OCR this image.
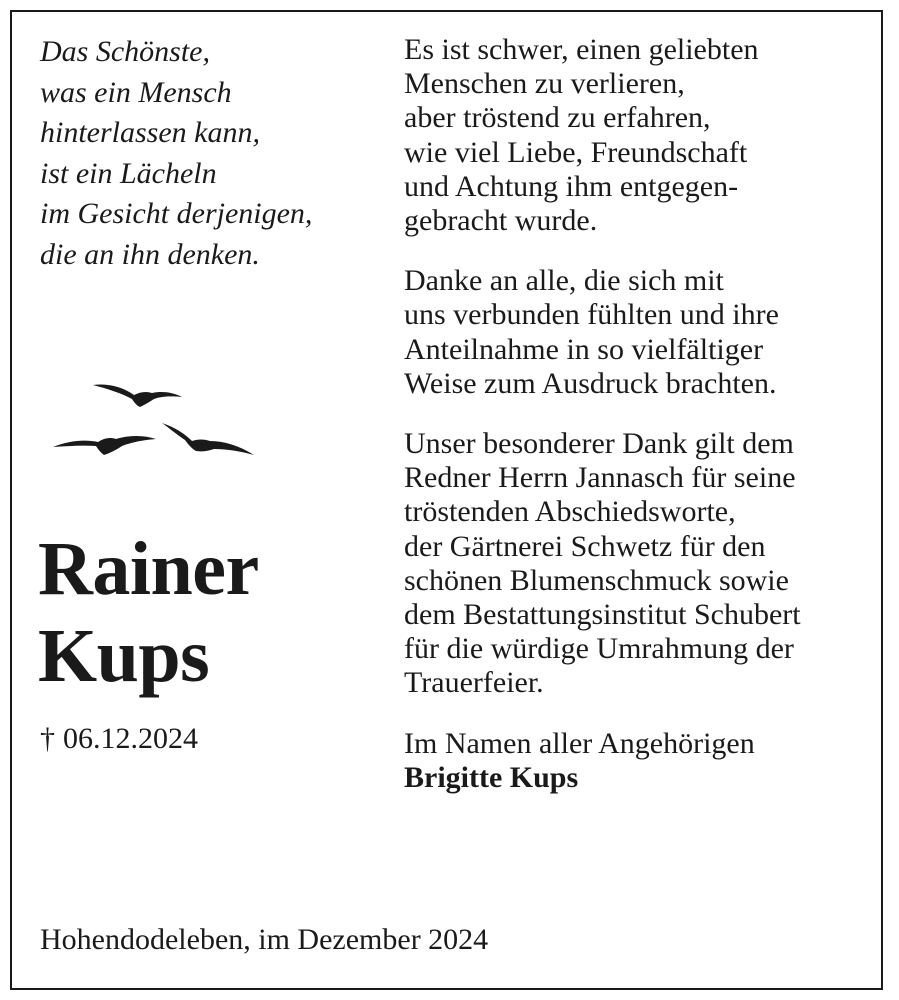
Das Schönste,
was ein Mensch
hinterlassen kann,
ist ein Lächeln
im Gesicht derjenigen,
die an ihn denken.
Rainer
Kups
† 06.12.2024

Es ist schwer, einen geliebten
Menschen zu verlieren,
aber tröstend zu erfahren,
wie viel Liebe, Freundschaft
und Achtung ihm entgegen-
gebracht wurde.

Danke an alle, die sich mit
uns verbunden fühlten und ihre
Anteilnahme in so vielfältiger
Weise zum Ausdruck brachten.

Unser besonderer Dank gilt dem
Redner Herrn Jannasch für seine
tröstenden Abschiedsworte,
der Gärtnerei Schwetz für den
schönen Blumenschmuck sowie
dem Bestattungsinstitut Schubert
für die würdige Umrahmung der
Trauerfeier.

Im Namen aller Angehörigen
Brigitte Kups

Hohendodeleben, im Dezember 2024
